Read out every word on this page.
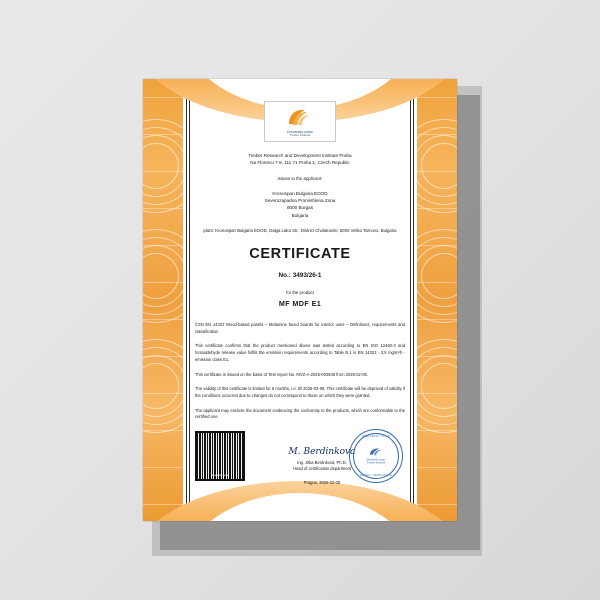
Drevarsky ustav
Timber Institute
Timber Research and Development Institute Praha
Na Florenci 7-9, 111 71 Praha 1, Czech Republic
issues to the applicant:
Kronospan Bulgaria EOOD
Severozapadna Promishlena Zona
8000 Burgas
Bulgaria
plant: Kronospan Bulgaria EOOD, Dalga Laka Str., District Cholakovtsi, 5000 Veliko Tarnovo, Bulgaria
CERTIFICATE
No.: 3493/26-1
for the product
MF MDF E1
ČSN EN 14322 Wood-based panels – Melamine faced boards for interior uses – Definitions, requirements and classification
This certificate confirms that the product mentioned above was tested according to EN ISO 12460-3 and formaldehyde release value fulfils the emission requirements according to Table B.1 in EN 14322 - 3,5 mg/m²h - emission class E1.
This certificate is issued on the basis of Test report No. MVZ-A-2026-003948 from 2026-02-05.
The validity of this certificate is limited for 6 months, i.e. till 2026-03-08. This certificate will be deprived of validity if the conditions occurred due to changes do not correspond to those on which they were granted.
The applicant may enclose the document evidencing the conformity to the products, which are conformable to the certified one.
Drevarsky ustav
M. Berdinkova
Ing. Jitka Beránková, Ph.D.
Head of certification department
Prague, 2026-02-08
DŘEVAŘSKÝ ÚSTAV
Dřevařský ústav
Timber Institute
PRAHA • CERTIFIKACE
